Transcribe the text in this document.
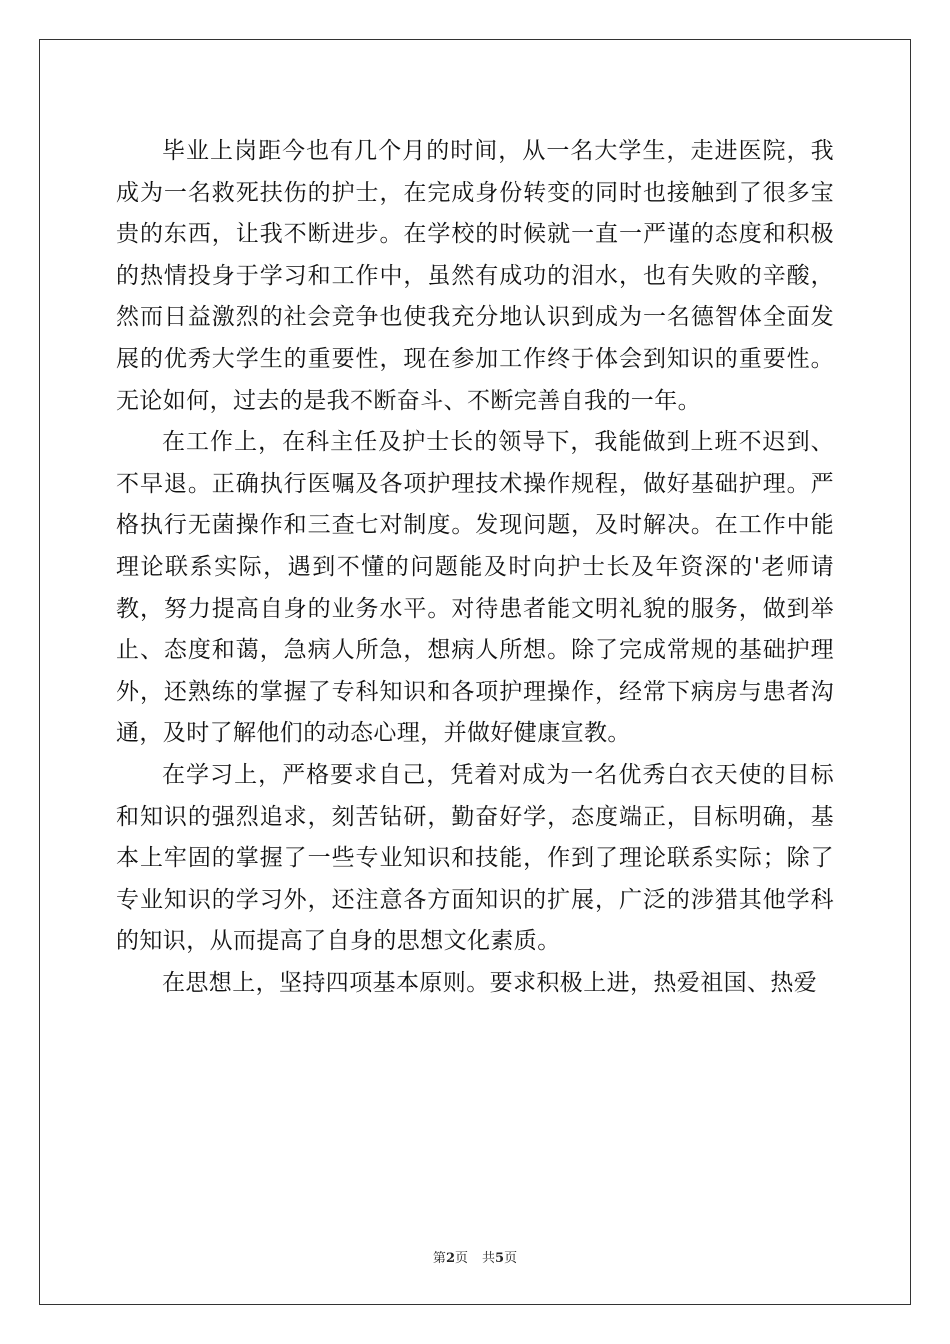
毕业上岗距今也有几个月的时间，从一名大学生，走进医院，我成为一名救死扶伤的护士，在完成身份转变的同时也接触到了很多宝贵的东西，让我不断进步。在学校的时候就一直一严谨的态度和积极的热情投身于学习和工作中，虽然有成功的泪水，也有失败的辛酸，然而日益激烈的社会竞争也使我充分地认识到成为一名德智体全面发展的优秀大学生的重要性，现在参加工作终于体会到知识的重要性。无论如何，过去的是我不断奋斗、不断完善自我的一年。

在工作上，在科主任及护士长的领导下，我能做到上班不迟到、不早退。正确执行医嘱及各项护理技术操作规程，做好基础护理。严格执行无菌操作和三查七对制度。发现问题，及时解决。在工作中能理论联系实际，遇到不懂的问题能及时向护士长及年资深的'老师请教，努力提高自身的业务水平。对待患者能文明礼貌的服务，做到举止、态度和蔼，急病人所急，想病人所想。除了完成常规的基础护理外，还熟练的掌握了专科知识和各项护理操作，经常下病房与患者沟通，及时了解他们的动态心理，并做好健康宣教。

在学习上，严格要求自己，凭着对成为一名优秀白衣天使的目标和知识的强烈追求，刻苦钻研，勤奋好学，态度端正，目标明确，基本上牢固的掌握了一些专业知识和技能，作到了理论联系实际；除了专业知识的学习外，还注意各方面知识的扩展，广泛的涉猎其他学科的知识，从而提高了自身的思想文化素质。

在思想上，坚持四项基本原则。要求积极上进，热爱祖国、热爱

第2页 共5页
